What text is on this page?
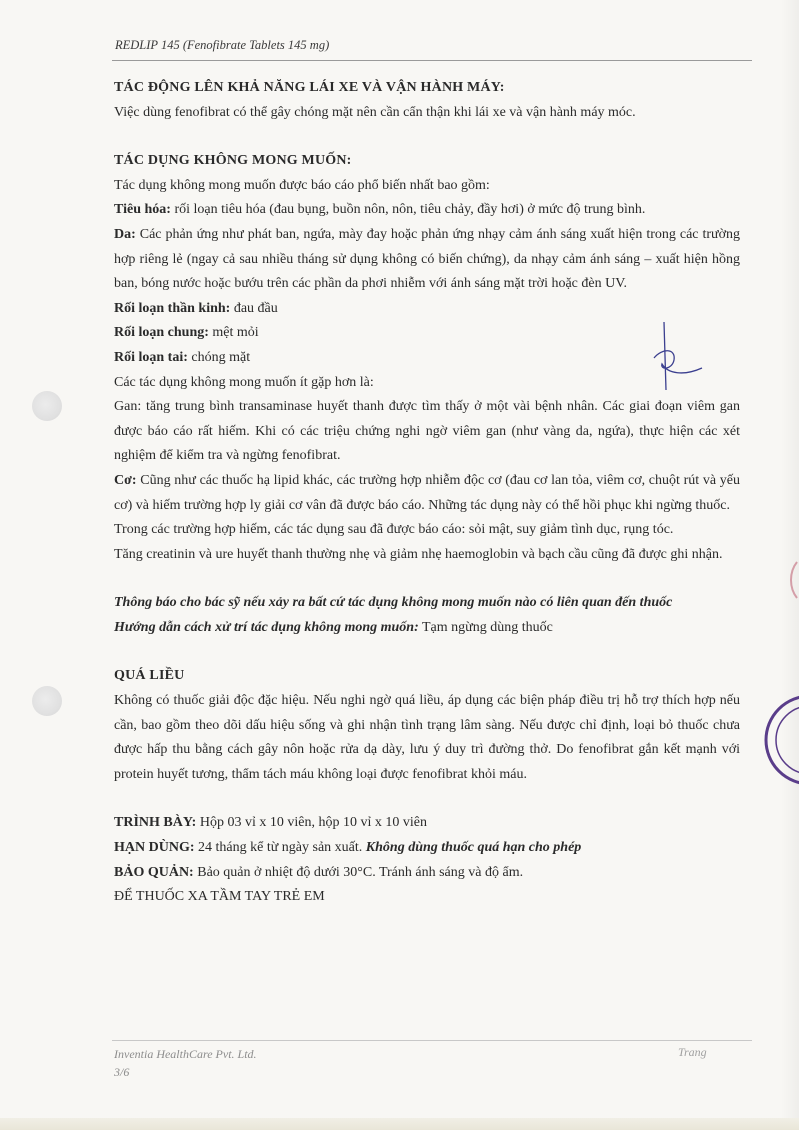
REDLIP 145 (Fenofibrate Tablets 145 mg)

TÁC ĐỘNG LÊN KHẢ NĂNG LÁI XE VÀ VẬN HÀNH MÁY:

Việc dùng fenofibrat có thể gây chóng mặt nên cần cẩn thận khi lái xe và vận hành máy móc.

TÁC DỤNG KHÔNG MONG MUỐN:

Tác dụng không mong muốn được báo cáo phổ biến nhất bao gồm:

Tiêu hóa: rối loạn tiêu hóa (đau bụng, buồn nôn, nôn, tiêu chảy, đầy hơi) ở mức độ trung bình.

Da: Các phản ứng như phát ban, ngứa, mày đay hoặc phản ứng nhạy cảm ánh sáng xuất hiện trong các trường hợp riêng lẻ (ngay cả sau nhiều tháng sử dụng không có biến chứng), da nhạy cảm ánh sáng – xuất hiện hồng ban, bóng nước hoặc bướu trên các phần da phơi nhiễm với ánh sáng mặt trời hoặc đèn UV.

Rối loạn thần kinh: đau đầu

Rối loạn chung: mệt mỏi

Rối loạn tai: chóng mặt

Các tác dụng không mong muốn ít gặp hơn là:

Gan: tăng trung bình transaminase huyết thanh được tìm thấy ở một vài bệnh nhân. Các giai đoạn viêm gan được báo cáo rất hiếm. Khi có các triệu chứng nghi ngờ viêm gan (như vàng da, ngứa), thực hiện các xét nghiệm để kiểm tra và ngừng fenofibrat.

Cơ: Cũng như các thuốc hạ lipid khác, các trường hợp nhiễm độc cơ (đau cơ lan tỏa, viêm cơ, chuột rút và yếu cơ) và hiếm trường hợp ly giải cơ vân đã được báo cáo. Những tác dụng này có thể hồi phục khi ngừng thuốc.

Trong các trường hợp hiếm, các tác dụng sau đã được báo cáo: sỏi mật, suy giảm tình dục, rụng tóc.

Tăng creatinin và ure huyết thanh thường nhẹ và giảm nhẹ haemoglobin và bạch cầu cũng đã được ghi nhận.

Thông báo cho bác sỹ nếu xảy ra bất cứ tác dụng không mong muốn nào có liên quan đến thuốc

Hướng dẫn cách xử trí tác dụng không mong muốn: Tạm ngừng dùng thuốc

QUÁ LIỀU

Không có thuốc giải độc đặc hiệu. Nếu nghi ngờ quá liều, áp dụng các biện pháp điều trị hỗ trợ thích hợp nếu cần, bao gồm theo dõi dấu hiệu sống và ghi nhận tình trạng lâm sàng. Nếu được chỉ định, loại bỏ thuốc chưa được hấp thu bằng cách gây nôn hoặc rửa dạ dày, lưu ý duy trì đường thở. Do fenofibrat gắn kết mạnh với protein huyết tương, thẩm tách máu không loại được fenofibrat khỏi máu.

TRÌNH BÀY: Hộp 03 vỉ x 10 viên, hộp 10 vỉ x 10 viên

HẠN DÙNG: 24 tháng kể từ ngày sản xuất. Không dùng thuốc quá hạn cho phép

BẢO QUẢN: Bảo quản ở nhiệt độ dưới 30°C. Tránh ánh sáng và độ ẩm.

ĐỂ THUỐC XA TẦM TAY TRẺ EM

Inventia HealthCare Pvt. Ltd.
3/6
Trang
